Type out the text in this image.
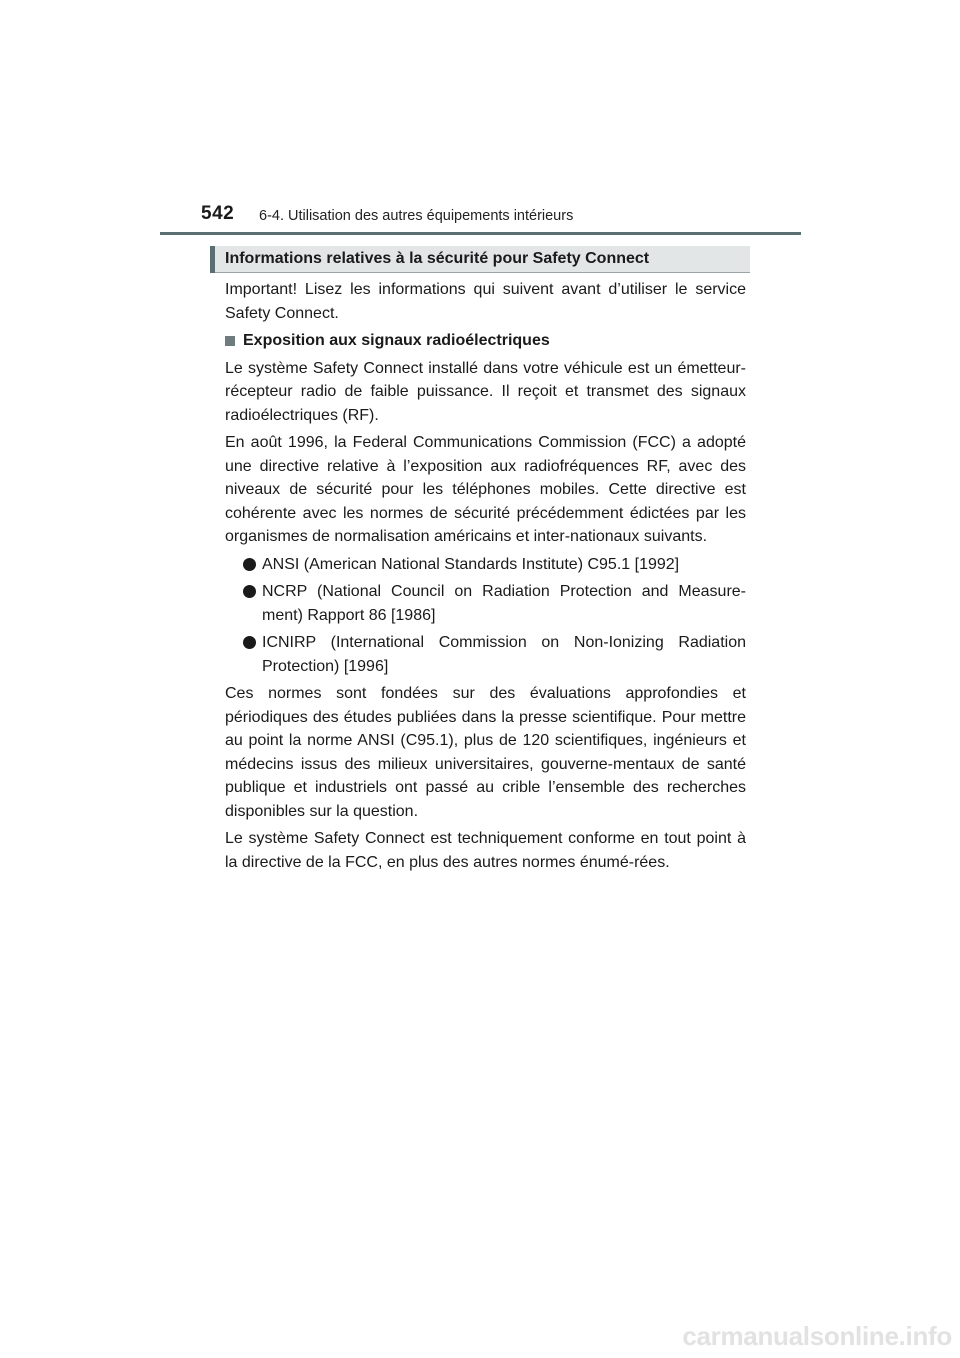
542 6-4. Utilisation des autres équipements intérieurs
Informations relatives à la sécurité pour Safety Connect

Important! Lisez les informations qui suivent avant d’utiliser le service Safety Connect.

Exposition aux signaux radioélectriques

Le système Safety Connect installé dans votre véhicule est un émetteur-récepteur radio de faible puissance. Il reçoit et transmet des signaux radioélectriques (RF).

En août 1996, la Federal Communications Commission (FCC) a adopté une directive relative à l’exposition aux radiofréquences RF, avec des niveaux de sécurité pour les téléphones mobiles. Cette directive est cohérente avec les normes de sécurité précédemment édictées par les organismes de normalisation américains et inter-nationaux suivants.

ANSI (American National Standards Institute) C95.1 [1992]
NCRP (National Council on Radiation Protection and Measure-ment) Rapport 86 [1986]
ICNIRP (International Commission on Non-Ionizing Radiation Protection) [1996]

Ces normes sont fondées sur des évaluations approfondies et périodiques des études publiées dans la presse scientifique. Pour mettre au point la norme ANSI (C95.1), plus de 120 scientifiques, ingénieurs et médecins issus des milieux universitaires, gouverne-mentaux de santé publique et industriels ont passé au crible l’ensemble des recherches disponibles sur la question.

Le système Safety Connect est techniquement conforme en tout point à la directive de la FCC, en plus des autres normes énumé-rées.

carmanualsonline.info
